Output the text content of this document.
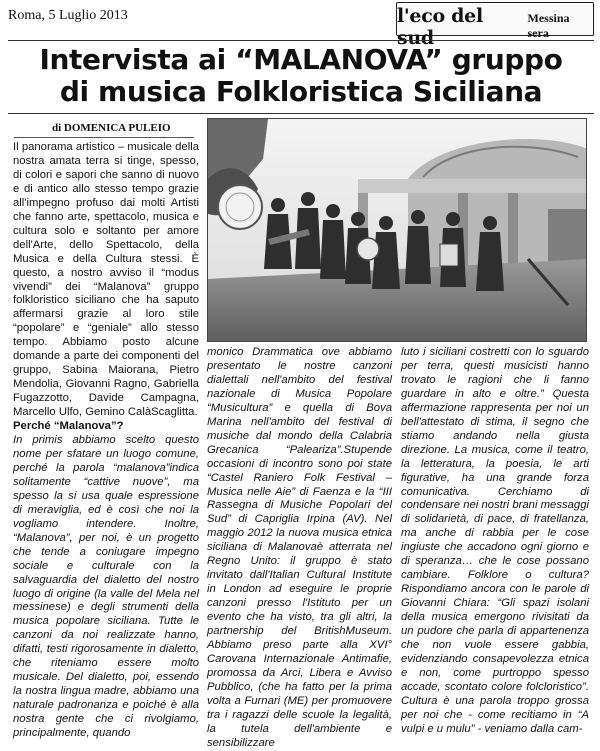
Roma, 5 Luglio 2013	l'eco del sud
Messina sera
Intervista ai “MALANOVA” gruppo
di musica Folkloristica Siciliana
di DOMENICA PULEIO

Il panorama artistico – musicale della nostra amata terra si tinge, spesso, di colori e sapori che sanno di nuovo e di antico allo stesso tempo grazie all'impegno profuso dai molti Artisti che fanno arte, spettacolo, musica e cultura solo e soltanto per amore dell'Arte, dello Spettacolo, della Musica e della Cultura stessi. È questo, a nostro avviso il “modus vivendi” dei “Malanova” gruppo folkloristico siciliano che ha saputo affermarsi grazie al loro stile “popolare” e “geniale” allo stesso tempo. Abbiamo posto alcune domande a parte dei componenti del gruppo, Sabina Maiorana, Pietro Mendolia, Giovanni Ragno, Gabriella Fugazzotto, Davide Campagna, Marcello Ulfo, Gemino CalàScaglitta.

Perché “Malanova”?

In primis abbiamo scelto questo nome per sfatare un luogo comune, perché la parola “malanova”indica solitamente “cattive nuove”, ma spesso la si usa quale espressione di meraviglia, ed è così che noi la vogliamo intendere. Inoltre, “Malanova”, per noi, è un progetto che tende a coniugare impegno sociale e culturale con la salvaguardia del dialetto del nostro luogo di origine (la valle del Mela nel messinese) e degli strumenti della musica popolare siciliana. Tutte le canzoni da noi realizzate hanno, difatti, testi rigorosamente in dialetto, che riteniamo essere molto musicale. Del dialetto, poi, essendo la nostra lingua madre, abbiamo una naturale padronanza e poiché è alla nostra gente che ci rivolgiamo, principalmente, quando

monico Drammatica ove abbiamo presentato le nostre canzoni dialettali nell'ambito del festival nazionale di Musica Popolare “Musicultura” e quella di Bova Marina nell'ambito del festival di musiche dal mondo della Calabria Grecanica “Paleariza”.Stupende occasioni di incontro sono poi state “Castel Raniero Folk Festival – Musica nelle Aie” di Faenza e la “III Rassegna di Musiche Popolari del Sud” di Capriglia Irpina (AV). Nel maggio 2012 la nuova musica etnica siciliana di Malanovaè atterrata nel Regno Unito: il gruppo è stato invitato dall'Italian Cultural Institute in London ad eseguire le proprie canzoni presso l'Istituto per un evento che ha visto, tra gli altri, la partnership del BritishMuseum. Abbiamo preso parte alla XVI° Carovana Internazionale Antimafie, promossa da Arci, Libera e Avviso Pubblico, (che ha fatto per la prima volta a Furnari (ME) per promuovere tra i ragazzi delle scuole la legalità, la tutela dell'ambiente e sensibilizzare

luto i siciliani costretti con lo sguardo per terra, questi musicisti hanno trovato le ragioni che li fanno guardare in alto e oltre.” Questa affermazione rappresenta per noi un bell'attestato di stima, il segno che stiamo andando nella giusta direzione. La musica, come il teatro, la letteratura, la poesia, le arti figurative, ha una grande forza comunicativa. Cerchiamo di condensare nei nostri brani messaggi di solidarietà, di pace, di fratellanza, ma anche di rabbia per le cose ingiuste che accadono ogni giorno e di speranza… che le cose possano cambiare. Folklore o cultura? Rispondiamo ancora con le parole di Giovanni Chiara: “Gli spazi isolani della musica emergono rivisitati da un pudore che parla di appartenenza che non vuole essere gabbia, evidenziando consapevolezza etnica e non, come purtroppo spesso accade, scontato colore folcloristico”. Cultura è una parola troppo grossa per noi che - come recitiamo in “A vulpi e u mulu” - veniamo dalla cam-
